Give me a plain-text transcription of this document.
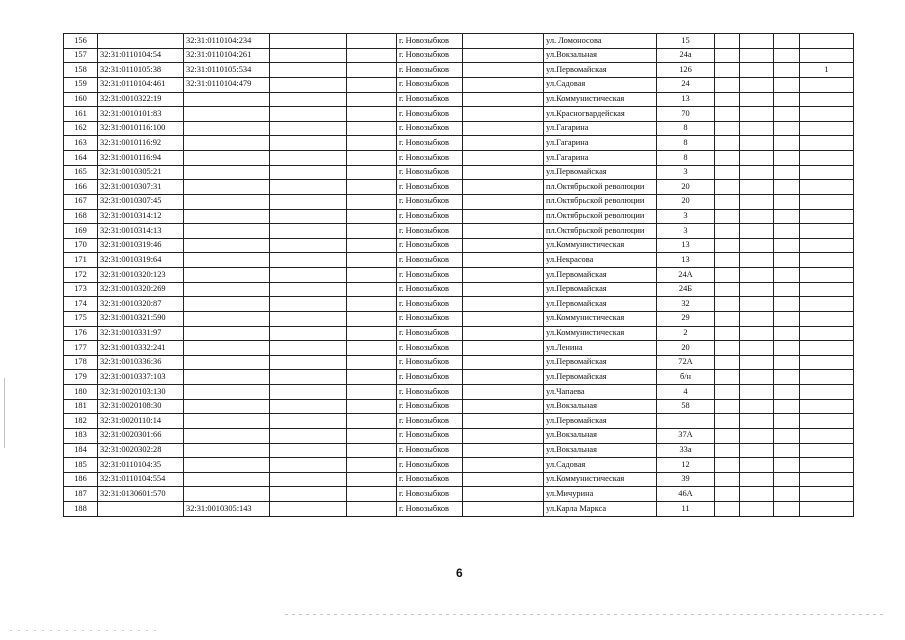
156		32:31:0110104:234			г. Новозыбков		ул. Ломоносова	15				
157	32:31:0110104:54	32:31:0110104:261			г. Новозыбков		ул.Вокзальная	24а				
158	32:31:0110105:38	32:31:0110105:534			г. Новозыбков		ул.Первомайская	126				1
159	32:31:0110104:461	32:31:0110104:479			г. Новозыбков		ул.Садовая	24				
160	32:31:0010322:19				г. Новозыбков		ул.Коммунистическая	13				
161	32:31:0010101:83				г. Новозыбков		ул.Красногвардейская	70				
162	32:31:0010116:100				г. Новозыбков		ул.Гагарина	8				
163	32:31:0010116:92				г. Новозыбков		ул.Гагарина	8				
164	32:31:0010116:94				г. Новозыбков		ул.Гагарина	8				
165	32:31:0010305:21				г. Новозыбков		ул.Первомайская	3				
166	32:31:0010307:31				г. Новозыбков		пл.Октябрьской революции	20				
167	32:31:0010307:45				г. Новозыбков		пл.Октябрьской революции	20				
168	32:31:0010314:12				г. Новозыбков		пл.Октябрьской революции	3				
169	32:31:0010314:13				г. Новозыбков		пл.Октябрьской революции	3				
170	32:31:0010319:46				г. Новозыбков		ул.Коммунистическая	13				
171	32:31:0010319:64				г. Новозыбков		ул.Некрасова	13				
172	32:31:0010320:123				г. Новозыбков		ул.Первомайская	24А				
173	32:31:0010320:269				г. Новозыбков		ул.Первомайская	24Б				
174	32:31:0010320:87				г. Новозыбков		ул.Первомайская	32				
175	32:31:0010321:590				г. Новозыбков		ул.Коммунистическая	29				
176	32:31:0010331:97				г. Новозыбков		ул.Коммунистическая	2				
177	32:31:0010332:241				г. Новозыбков		ул.Ленина	20				
178	32:31:0010336:36				г. Новозыбков		ул.Первомайская	72А				
179	32:31:0010337:103				г. Новозыбков		ул.Первомайская	б/н				
180	32:31:0020103:130				г. Новозыбков		ул.Чапаева	4				
181	32:31:0020108:30				г. Новозыбков		ул.Вокзальная	58				
182	32:31:0020110:14				г. Новозыбков		ул.Первомайская					
183	32:31:0020301:66				г. Новозыбков		ул.Вокзальная	37А				
184	32:31:0020302:28				г. Новозыбков		ул.Вокзальная	33а				
185	32:31:0110104:35				г. Новозыбков		ул.Садовая	12				
186	32:31:0110104:554				г. Новозыбков		ул.Коммунистическая	39				
187	32:31:0130601:570				г. Новозыбков		ул.Мичурина	46А				
188		32:31:0010305:143			г. Новозыбков		ул.Карла Маркса	11				
6
